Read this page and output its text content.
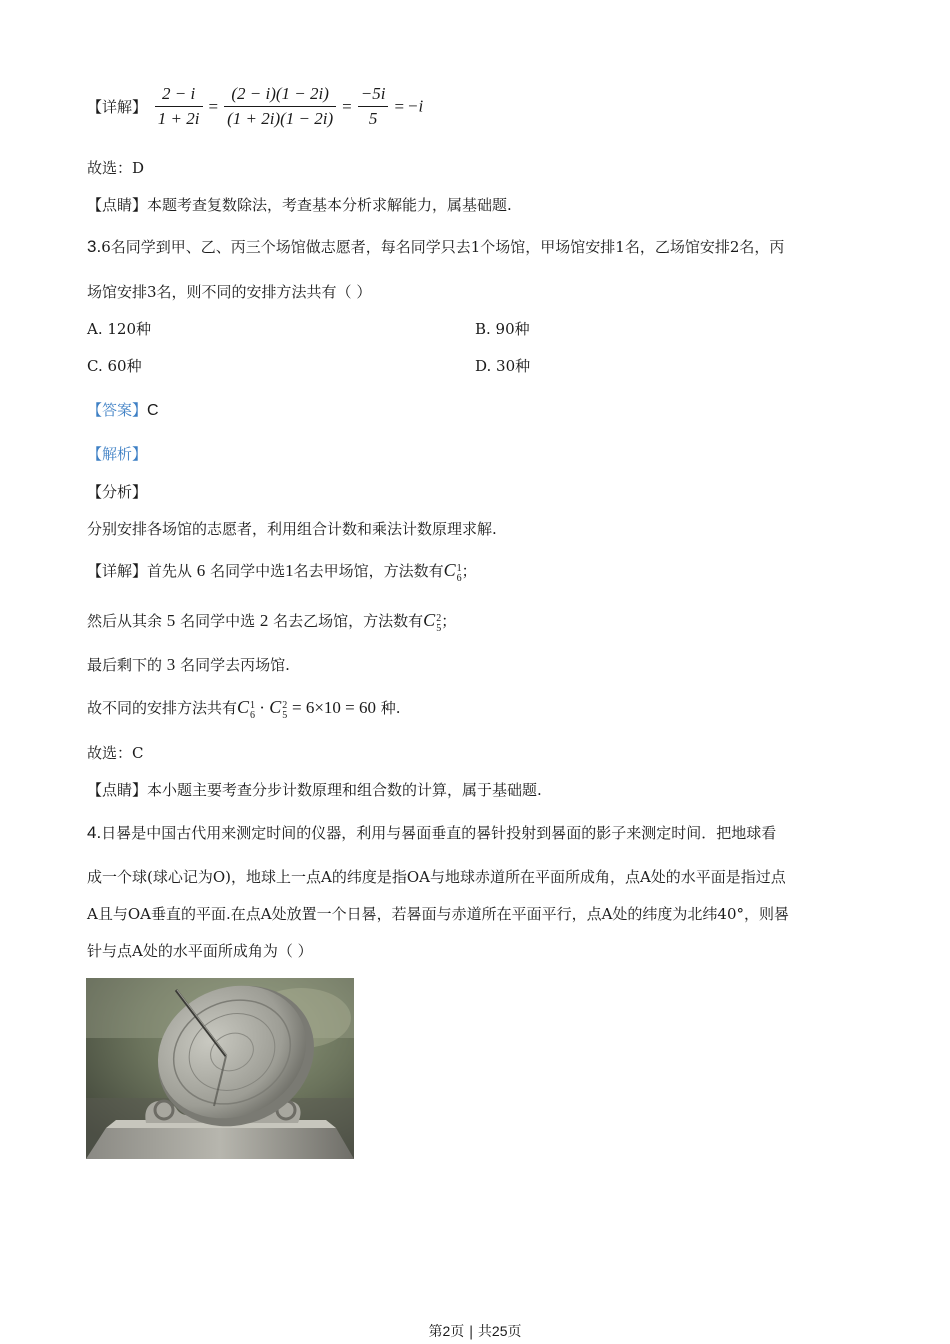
【详解】 $\frac{2 - i}{1 + 2i} = \frac{(2 - i)(1 - 2i)}{(1 + 2i)(1 - 2i)} = \frac{-5i}{5} = -i$
故选：D
【点睛】本题考查复数除法，考查基本分析求解能力，属基础题.
3.6名同学到甲、乙、丙三个场馆做志愿者，每名同学只去1个场馆，甲场馆安排1名，乙场馆安排2名，丙
场馆安排3名，则不同的安排方法共有（ ）
A. 120种	B. 90种
C. 60种	D. 30种
【答案】C
【解析】
【分析】
分别安排各场馆的志愿者，利用组合计数和乘法计数原理求解.
【详解】首先从 6 名同学中选1名去甲场馆，方法数有C 1
6 ；
然后从其余 5 名同学中选 2 名去乙场馆，方法数有C 2
5 ；
最后剩下的 3 名同学去丙场馆.
故不同的安排方法共有C 1
6 · C 2
5 = 6×10 = 60 种.
故选：C
【点睛】本小题主要考查分步计数原理和组合数的计算，属于基础题.
4.日晷是中国古代用来测定时间的仪器，利用与晷面垂直的晷针投射到晷面的影子来测定时间．把地球看
成一个球(球心记为O)，地球上一点A的纬度是指OA与地球赤道所在平面所成角，点A处的水平面是指过点
A且与OA垂直的平面.在点A处放置一个日晷，若晷面与赤道所在平面平行，点A处的纬度为北纬40°，则晷
针与点A处的水平面所成角为（ ）
第2页 | 共25页
